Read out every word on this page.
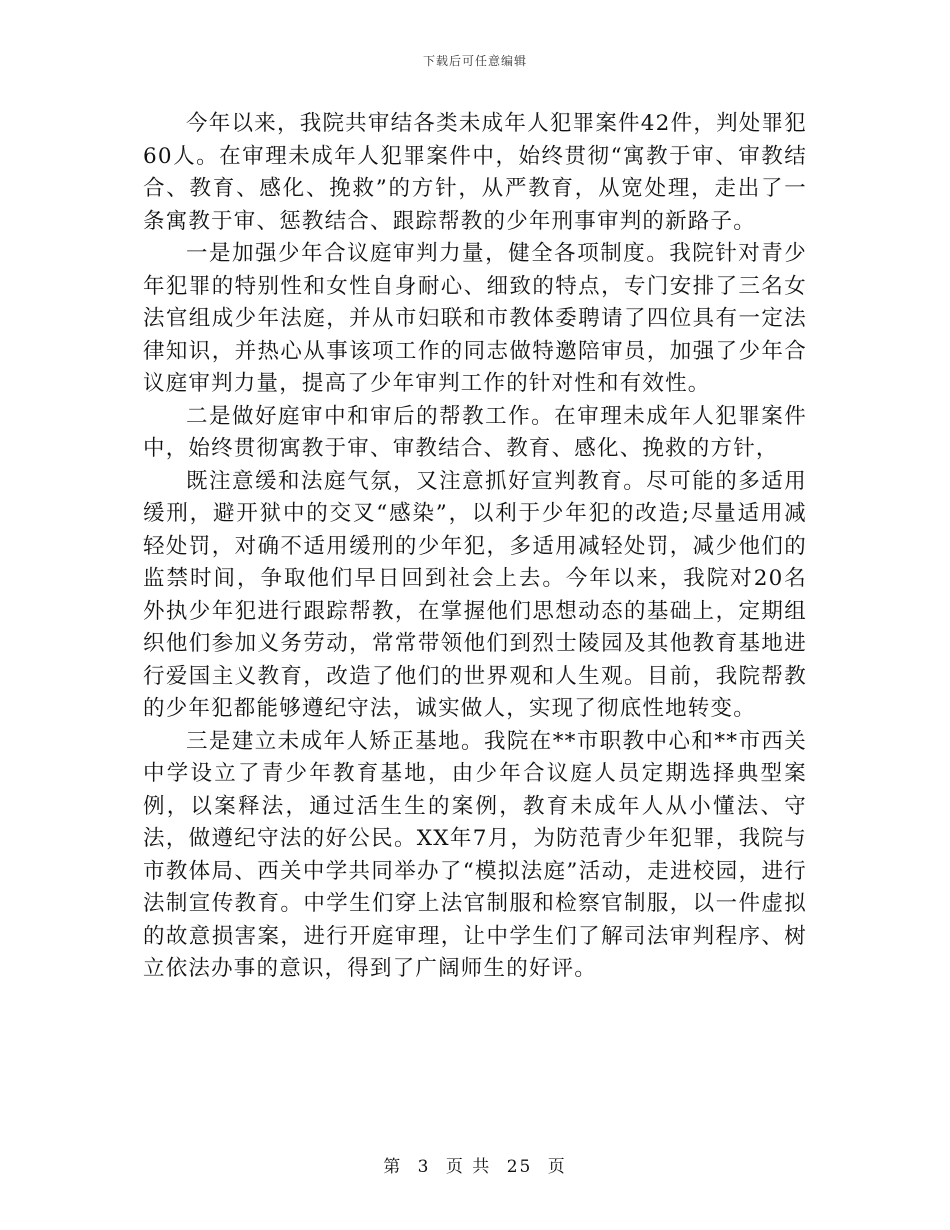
下载后可任意编辑

今年以来，我院共审结各类未成年人犯罪案件42件，判处罪犯60人。在审理未成年人犯罪案件中，始终贯彻“寓教于审、审教结合、教育、感化、挽救”的方针，从严教育，从宽处理，走出了一条寓教于审、惩教结合、跟踪帮教的少年刑事审判的新路子。

一是加强少年合议庭审判力量，健全各项制度。我院针对青少年犯罪的特别性和女性自身耐心、细致的特点，专门安排了三名女法官组成少年法庭，并从市妇联和市教体委聘请了四位具有一定法律知识，并热心从事该项工作的同志做特邀陪审员，加强了少年合议庭审判力量，提高了少年审判工作的针对性和有效性。

二是做好庭审中和审后的帮教工作。在审理未成年人犯罪案件中，始终贯彻寓教于审、审教结合、教育、感化、挽救的方针，

既注意缓和法庭气氛，又注意抓好宣判教育。尽可能的多适用缓刑，避开狱中的交叉“感染”，以利于少年犯的改造;尽量适用减轻处罚，对确不适用缓刑的少年犯，多适用减轻处罚，减少他们的监禁时间，争取他们早日回到社会上去。今年以来，我院对20名外执少年犯进行跟踪帮教，在掌握他们思想动态的基础上，定期组织他们参加义务劳动，常常带领他们到烈士陵园及其他教育基地进行爱国主义教育，改造了他们的世界观和人生观。目前，我院帮教的少年犯都能够遵纪守法，诚实做人，实现了彻底性地转变。

三是建立未成年人矫正基地。我院在**市职教中心和**市西关中学设立了青少年教育基地，由少年合议庭人员定期选择典型案例，以案释法，通过活生生的案例，教育未成年人从小懂法、守法，做遵纪守法的好公民。XX年7月，为防范青少年犯罪，我院与市教体局、西关中学共同举办了“模拟法庭”活动，走进校园，进行法制宣传教育。中学生们穿上法官制服和检察官制服，以一件虚拟的故意损害案，进行开庭审理，让中学生们了解司法审判程序、树立依法办事的意识，得到了广阔师生的好评。

第 3 页 共 25 页
